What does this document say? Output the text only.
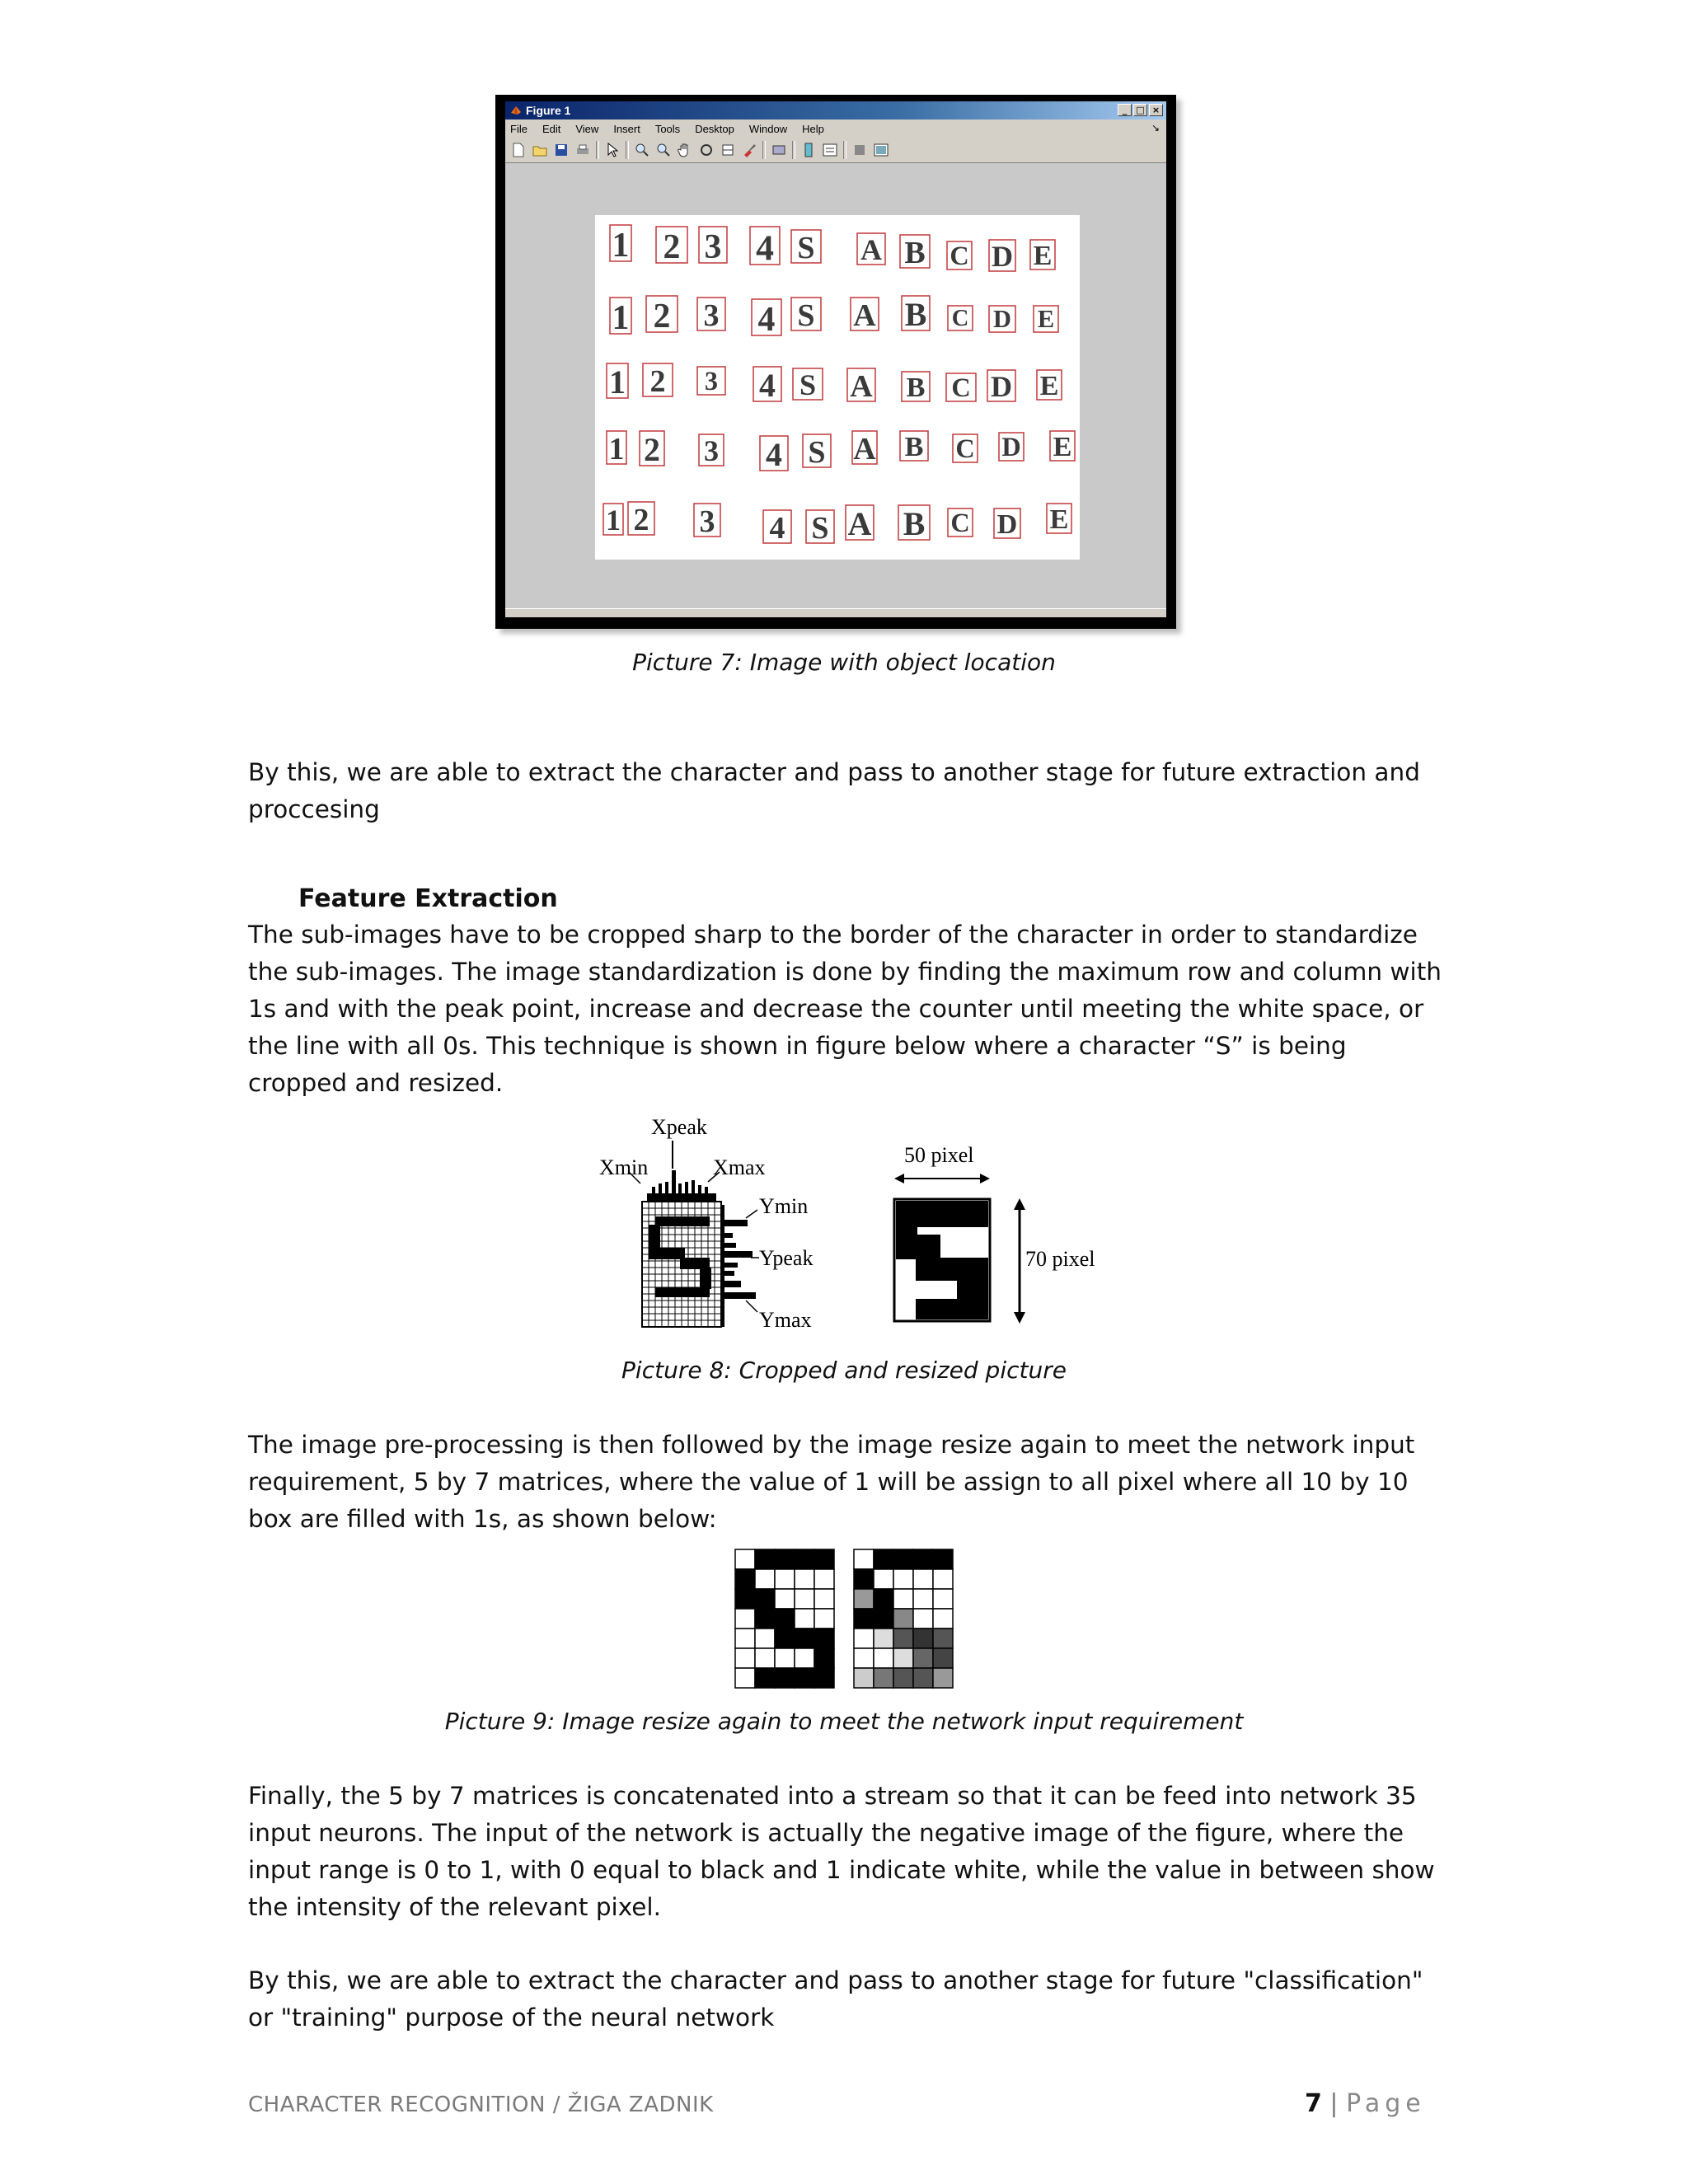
Figure 1	_	□ ×
File Edit View Insert Tools Desktop Window Help	↘
1 2 3 4 S A B C D E
1 2 3 4 S A B C D E
1 2 3 4 S A B C D E
1 2 3 4 S A B C D E
1 2 3 4 S A B C D E
Picture 7: Image with object location

By this, we are able to extract the character and pass to another stage for future extraction and proccesing

Feature Extraction

The sub-images have to be cropped sharp to the border of the character in order to standardize the sub-images. The image standardization is done by finding the maximum row and column with 1s and with the peak point, increase and decrease the counter until meeting the white space, or the line with all 0s. This technique is shown in figure below where a character “S” is being cropped and resized.

Xpeak
Xmin	Xmax
Ymin
Ypeak
Ymax
50 pixel
70 pixel
Picture 8: Cropped and resized picture

The image pre-processing is then followed by the image resize again to meet the network input requirement, 5 by 7 matrices, where the value of 1 will be assign to all pixel where all 10 by 10 box are filled with 1s, as shown below:

Picture 9: Image resize again to meet the network input requirement

Finally, the 5 by 7 matrices is concatenated into a stream so that it can be feed into network 35 input neurons. The input of the network is actually the negative image of the figure, where the input range is 0 to 1, with 0 equal to black and 1 indicate white, while the value in between show the intensity of the relevant pixel.

By this, we are able to extract the character and pass to another stage for future "classification" or "training" purpose of the neural network

CHARACTER RECOGNITION / ŽIGA ZADNIK	7 | Page
